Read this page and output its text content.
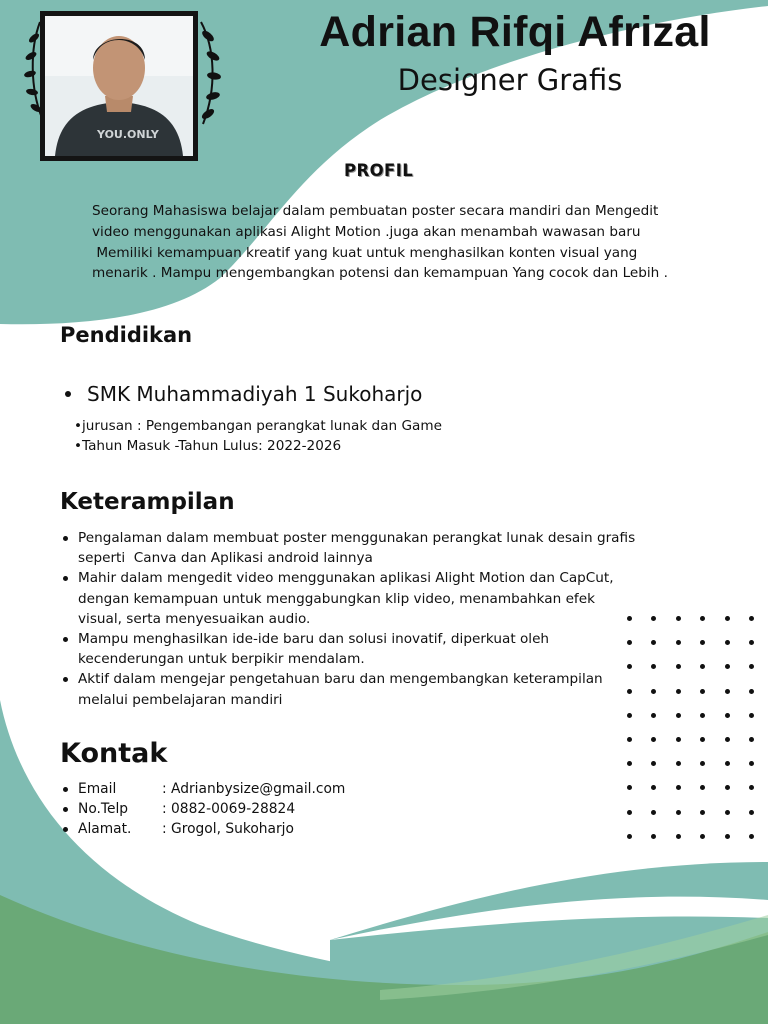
Adrian Rifqi Afrizal
Designer Grafis
YOU.ONLY
PROFIL
Seorang Mahasiswa belajar dalam pembuatan poster secara mandiri dan Mengedit
video menggunakan aplikasi Alight Motion .juga akan menambah wawasan baru
Memiliki kemampuan kreatif yang kuat untuk menghasilkan konten visual yang
menarik . Mampu mengembangkan potensi dan kemampuan Yang cocok dan Lebih .
Pendidikan
SMK Muhammadiyah 1 Sukoharjo
•jurusan : Pengembangan perangkat lunak dan Game
•Tahun Masuk -Tahun Lulus: 2022-2026
Keterampilan
Pengalaman dalam membuat poster menggunakan perangkat lunak desain grafis
seperti  Canva dan Aplikasi android lainnya
Mahir dalam mengedit video menggunakan aplikasi Alight Motion dan CapCut,
dengan kemampuan untuk menggabungkan klip video, menambahkan efek
visual, serta menyesuaikan audio.
Mampu menghasilkan ide-ide baru dan solusi inovatif, diperkuat oleh
kecenderungan untuk berpikir mendalam.
Aktif dalam mengejar pengetahuan baru dan mengembangkan keterampilan
melalui pembelajaran mandiri
Kontak
Email	: Adrianbysize@gmail.com
No.Telp : 0882-0069-28824
Alamat. : Grogol, Sukoharjo
